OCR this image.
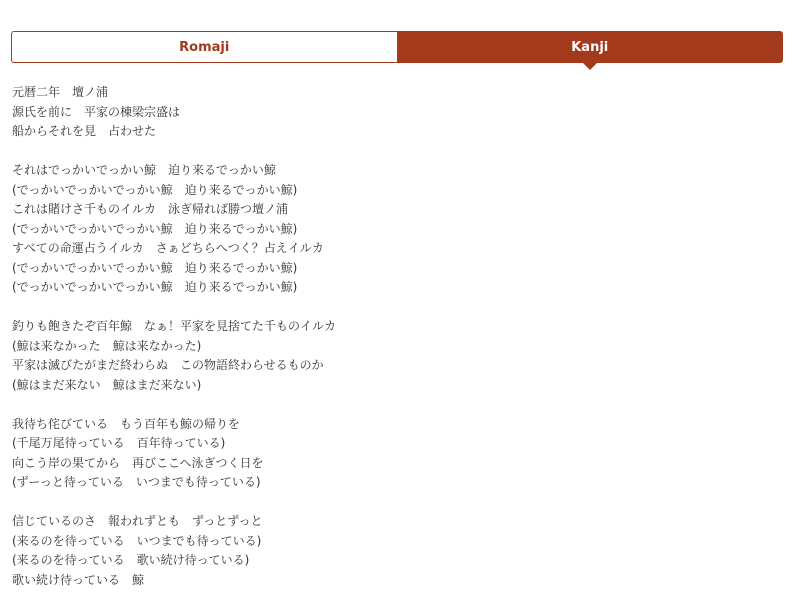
Romaji	Kanji
元暦二年　壇ノ浦
源氏を前に　平家の棟梁宗盛は
船からそれを見　占わせた
それはでっかいでっかい鯨　迫り来るでっかい鯨
(でっかいでっかいでっかい鯨　迫り来るでっかい鯨)
これは賭けさ千ものイルカ　泳ぎ帰れば勝つ壇ノ浦
(でっかいでっかいでっかい鯨　迫り来るでっかい鯨)
すべての命運占うイルカ　さぁどちらへつく？占えイルカ
(でっかいでっかいでっかい鯨　迫り来るでっかい鯨)
(でっかいでっかいでっかい鯨　迫り来るでっかい鯨)
釣りも飽きたぞ百年鯨　なぁ！平家を見捨てた千ものイルカ
(鯨は来なかった　鯨は来なかった)
平家は滅びたがまだ終わらぬ　この物語終わらせるものか
(鯨はまだ来ない　鯨はまだ来ない)
我待ち侘びている　もう百年も鯨の帰りを
(千尾万尾待っている　百年待っている)
向こう岸の果てから　再びここへ泳ぎつく日を
(ずーっと待っている　いつまでも待っている)
信じているのさ　報われずとも　ずっとずっと
(来るのを待っている　いつまでも待っている)
(来るのを待っている　歌い続け待っている)
歌い続け待っている　鯨
